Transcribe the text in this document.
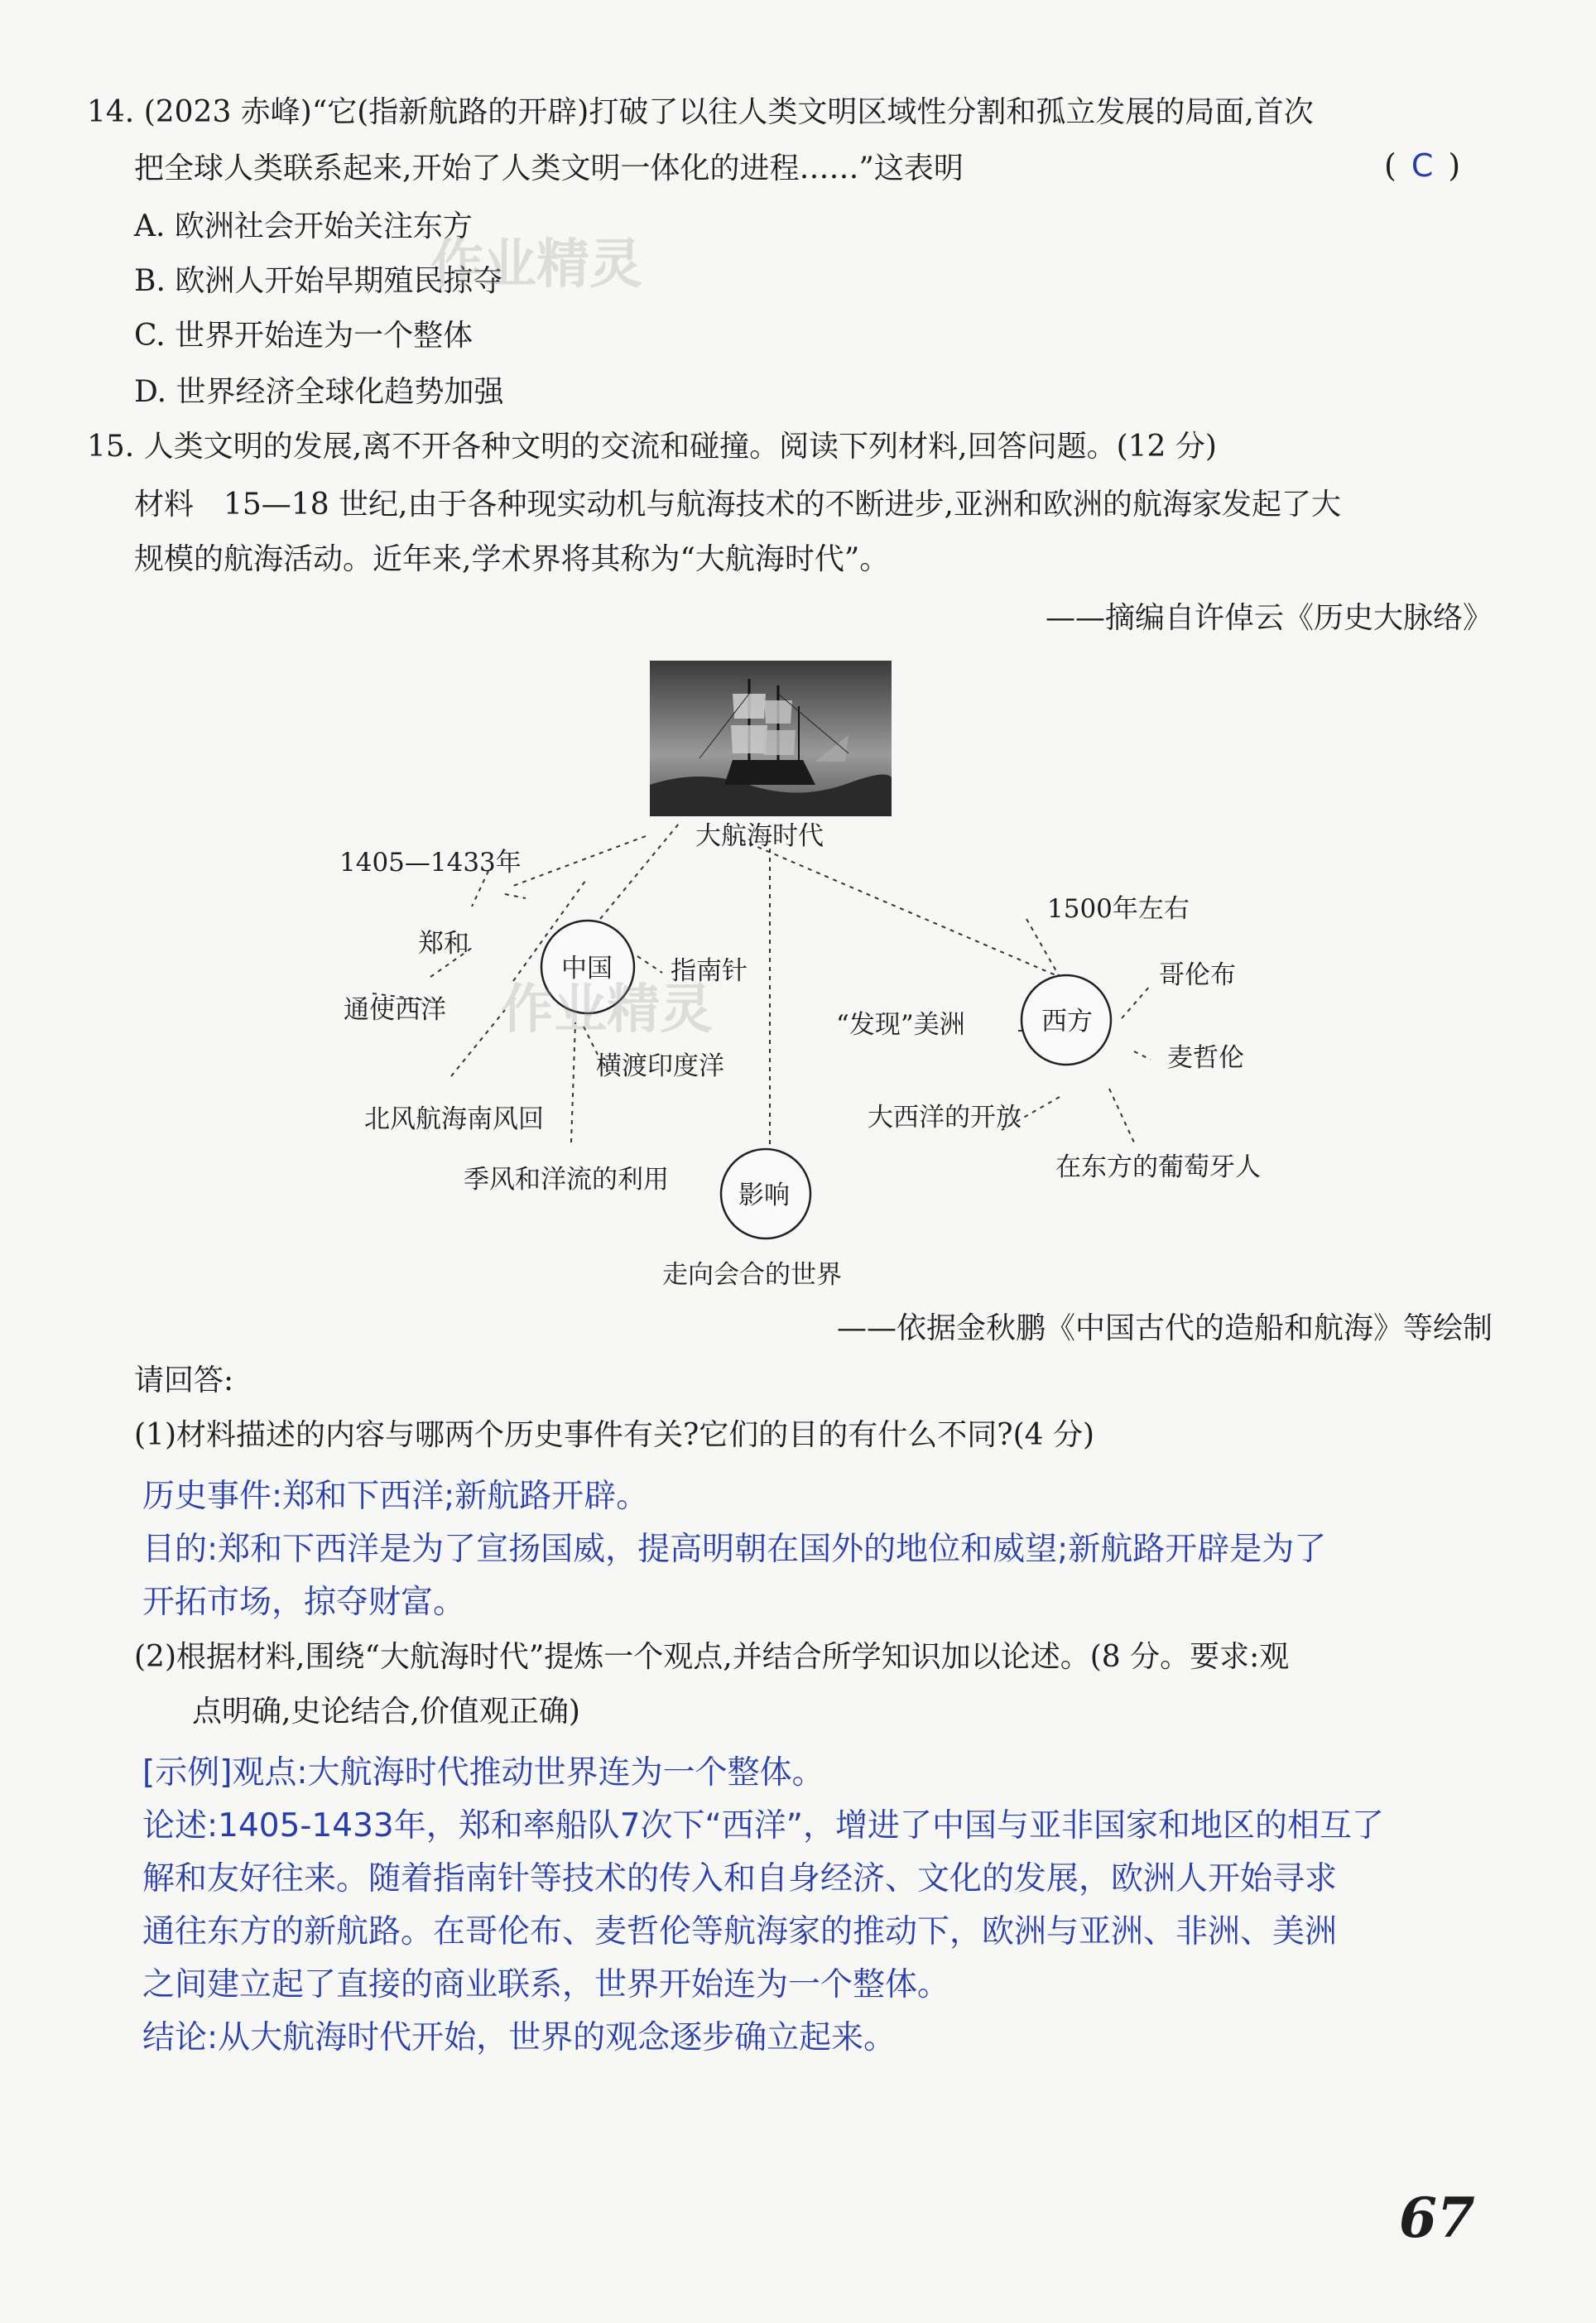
14. (2023 赤峰)“它(指新航路的开辟)打破了以往人类文明区域性分割和孤立发展的局面,首次
把全球人类联系起来,开始了人类文明一体化的进程……”这表明	( C )
A. 欧洲社会开始关注东方
B. 欧洲人开始早期殖民掠夺
C. 世界开始连为一个整体
D. 世界经济全球化趋势加强
作业精灵
15. 人类文明的发展,离不开各种文明的交流和碰撞。阅读下列材料,回答问题。(12 分)
材料　15—18 世纪,由于各种现实动机与航海技术的不断进步,亚洲和欧洲的航海家发起了大
规模的航海活动。近年来,学术界将其称为“大航海时代”。
——摘编自许倬云《历史大脉络》
大航海时代
中国
西方
影响
1405—1433年
郑和
通使西洋
北风航海南风回
季风和洋流的利用
横渡印度洋
指南针
1500年左右
哥伦布
麦哲伦
在东方的葡萄牙人
大西洋的开放
“发现”美洲
走向会合的世界
作业精灵
——依据金秋鹏《中国古代的造船和航海》等绘制
请回答:
(1)材料描述的内容与哪两个历史事件有关?它们的目的有什么不同?(4 分)
历史事件:郑和下西洋;新航路开辟。
目的:郑和下西洋是为了宣扬国威，提高明朝在国外的地位和威望;新航路开辟是为了
开拓市场，掠夺财富。
(2)根据材料,围绕“大航海时代”提炼一个观点,并结合所学知识加以论述。(8 分。要求:观
点明确,史论结合,价值观正确)
[示例]观点:大航海时代推动世界连为一个整体。
论述:1405-1433年，郑和率船队7次下“西洋”，增进了中国与亚非国家和地区的相互了
解和友好往来。随着指南针等技术的传入和自身经济、文化的发展，欧洲人开始寻求
通往东方的新航路。在哥伦布、麦哲伦等航海家的推动下，欧洲与亚洲、非洲、美洲
之间建立起了直接的商业联系，世界开始连为一个整体。
结论:从大航海时代开始，世界的观念逐步确立起来。
67
